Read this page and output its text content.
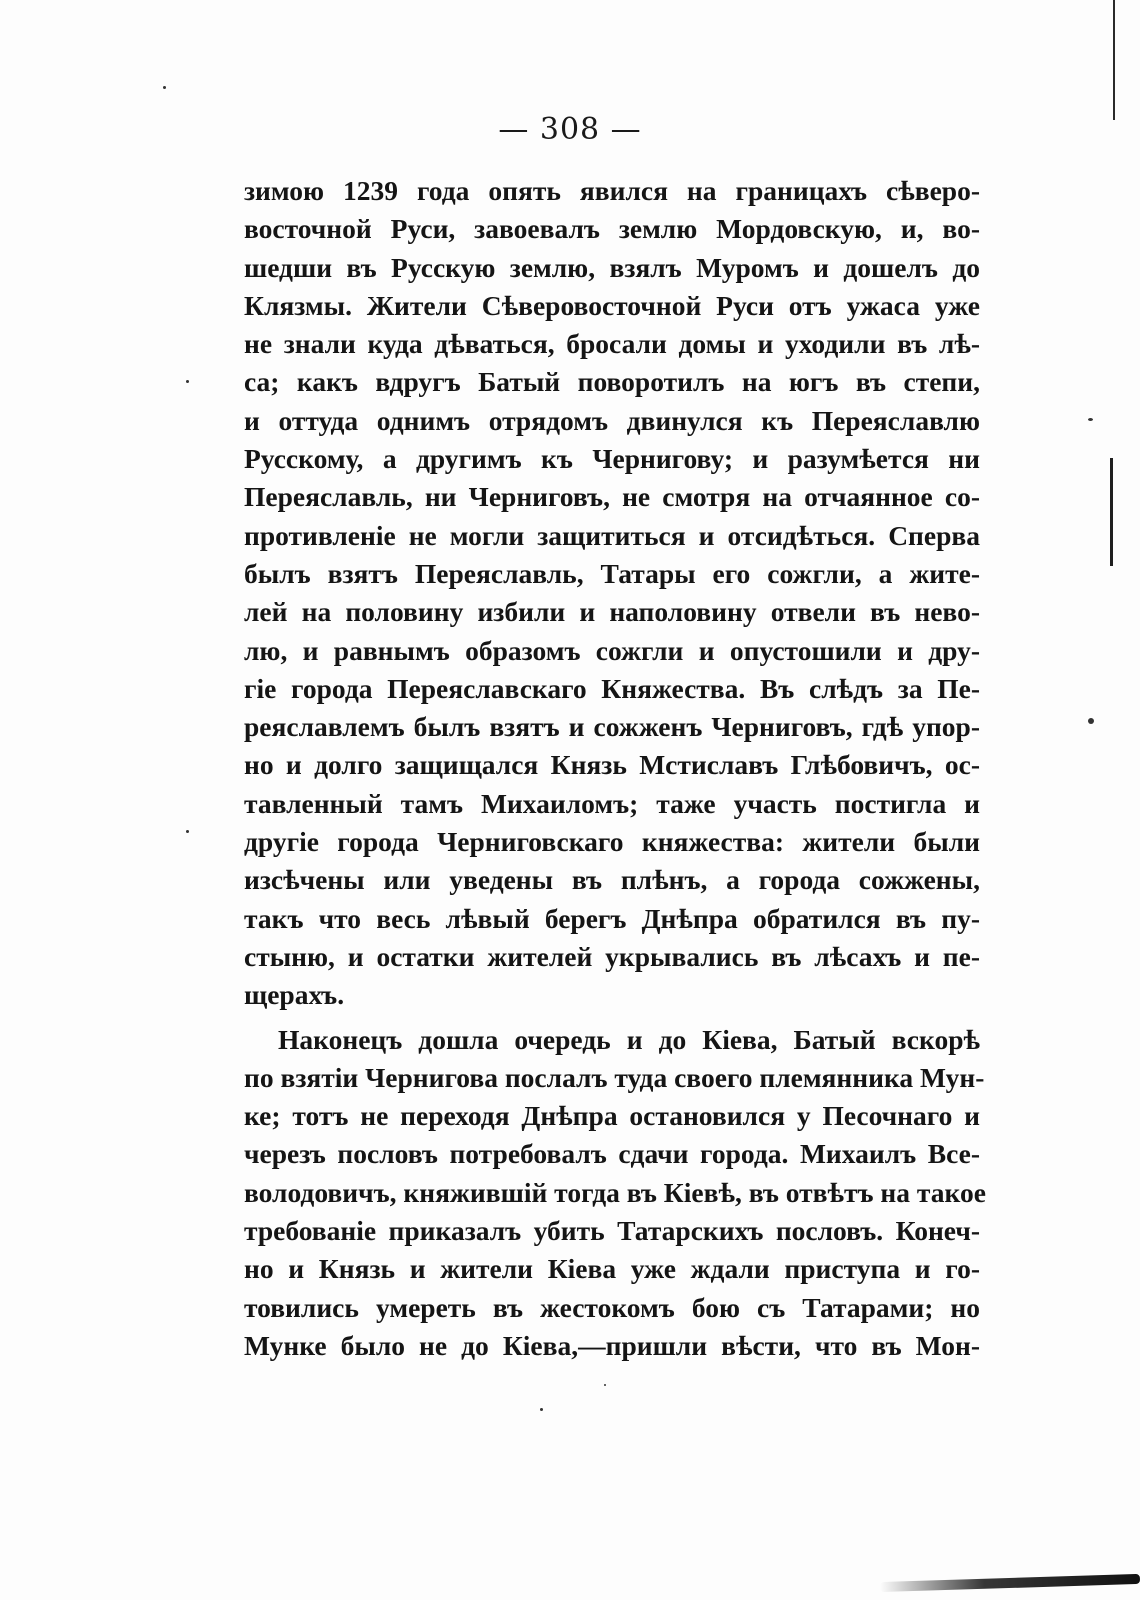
— 308 —
зимою 1239 года опять явился на границахъ сѣверо-
восточной Руси, завоевалъ землю Мордовскую, и, во-
шедши въ Русскую землю, взялъ Муромъ и дошелъ до
Клязмы. Жители Сѣверовосточной Руси отъ ужаса уже
не знали куда дѣваться, бросали домы и уходили въ лѣ-
са; какъ вдругъ Батый поворотилъ на югъ въ степи,
и оттуда однимъ отрядомъ двинулся къ Переяславлю
Русскому, а другимъ къ Чернигову; и разумѣется ни
Переяславль, ни Черниговъ, не смотря на отчаянное со-
противленіе не могли защититься и отсидѣться. Сперва
былъ взятъ Переяславль, Татары его сожгли, а жите-
лей на половину избили и наполовину отвели въ нево-
лю, и равнымъ образомъ сожгли и опустошили и дру-
гіе города Переяславскаго Княжества. Въ слѣдъ за Пе-
реяславлемъ былъ взятъ и сожженъ Черниговъ, гдѣ упор-
но и долго защищался Князь Мстиславъ Глѣбовичъ, ос-
тавленный тамъ Михаиломъ; таже участь постигла и
другіе города Черниговскаго княжества: жители были
изсѣчены или уведены въ плѣнъ, а города сожжены,
такъ что весь лѣвый берегъ Днѣпра обратился въ пу-
стыню, и остатки жителей укрывались въ лѣсахъ и пе-
щерахъ.
Наконецъ дошла очередь и до Кіева, Батый вскорѣ
по взятіи Чернигова послалъ туда своего племянника Мун-
ке; тотъ не переходя Днѣпра остановился у Песочнаго и
черезъ пословъ потребовалъ сдачи города. Михаилъ Все-
володовичъ, княжившій тогда въ Кіевѣ, въ отвѣтъ на такое
требованіе приказалъ убить Татарскихъ пословъ. Конеч-
но и Князь и жители Кіева уже ждали приступа и го-
товились умереть въ жестокомъ бою съ Татарами; но
Мунке было не до Кіева,—пришли вѣсти, что въ Мон-
